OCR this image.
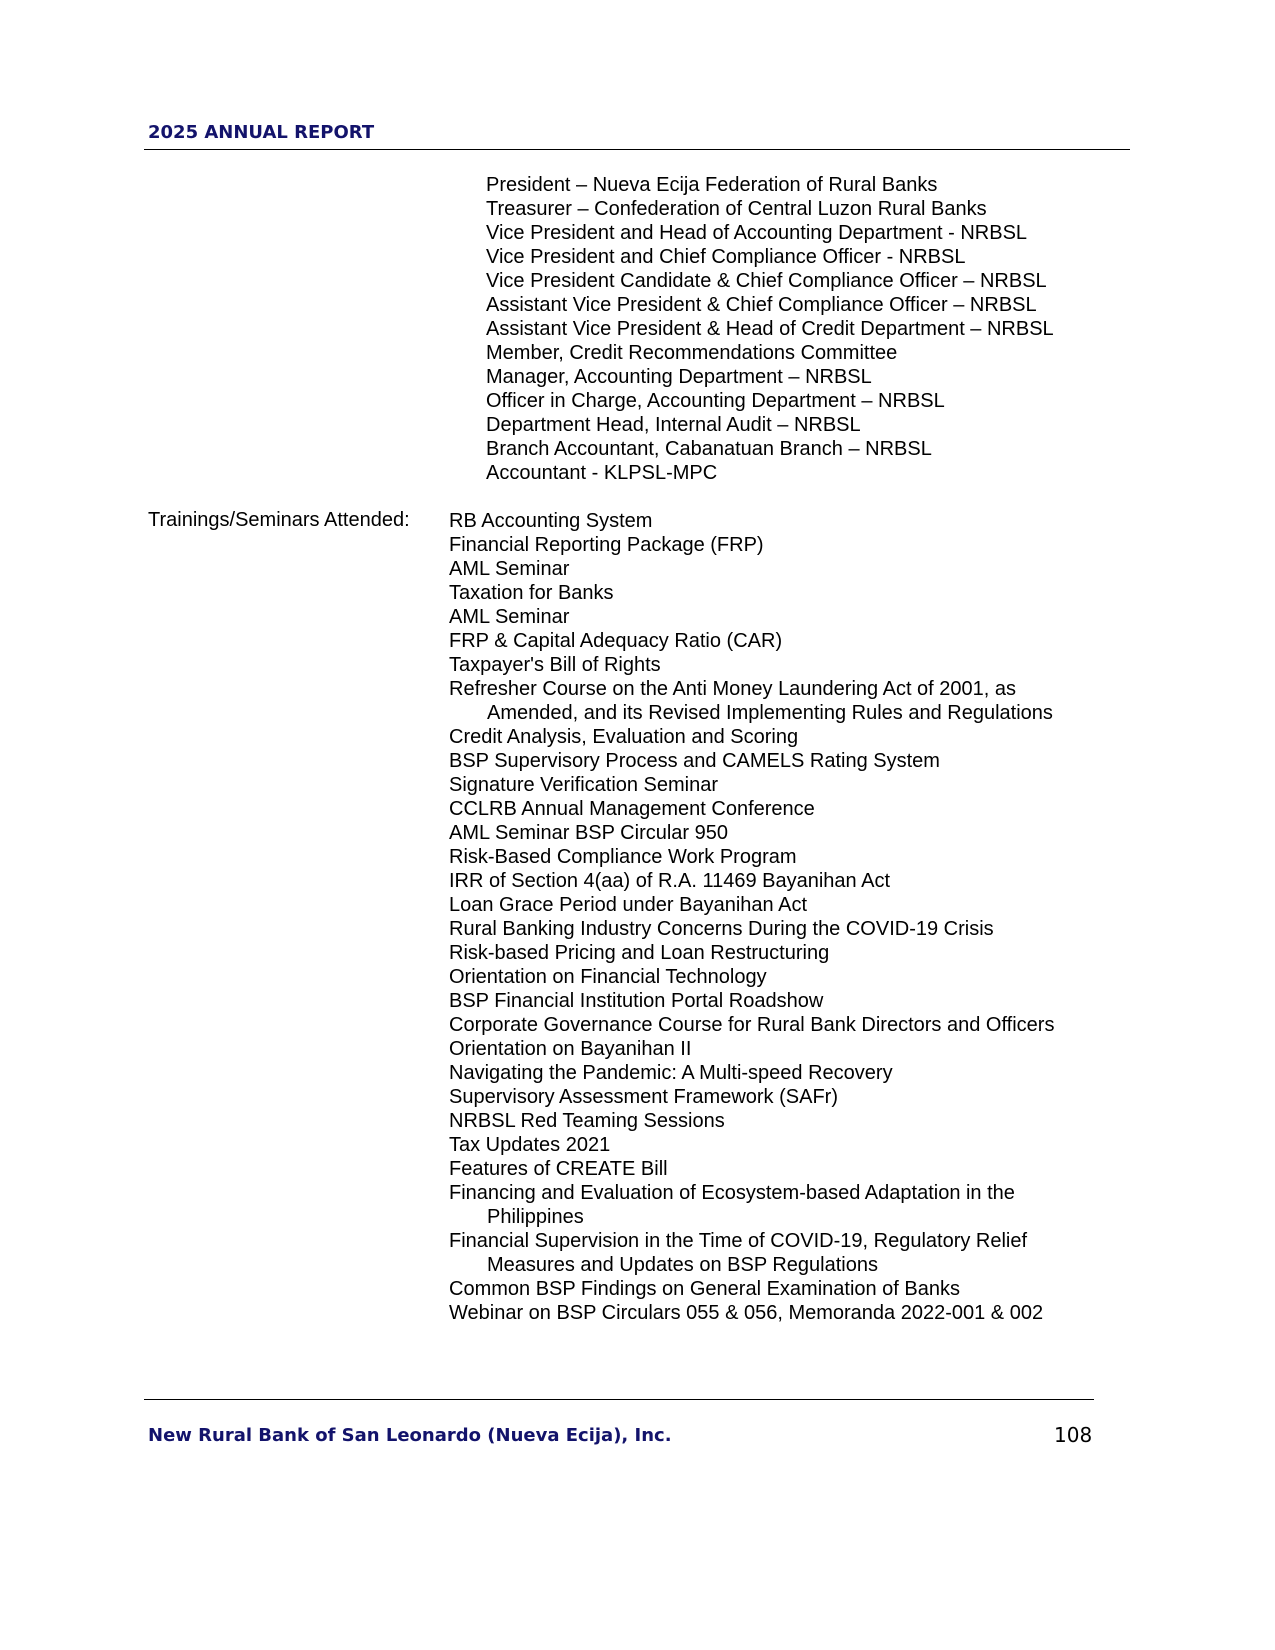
2025 ANNUAL REPORT
President – Nueva Ecija Federation of Rural Banks
Treasurer – Confederation of Central Luzon Rural Banks
Vice President and Head of Accounting Department - NRBSL
Vice President and Chief Compliance Officer - NRBSL
Vice President Candidate & Chief Compliance Officer – NRBSL
Assistant Vice President & Chief Compliance Officer – NRBSL
Assistant Vice President & Head of Credit Department – NRBSL
Member, Credit Recommendations Committee
Manager, Accounting Department – NRBSL
Officer in Charge, Accounting Department – NRBSL
Department Head, Internal Audit – NRBSL
Branch Accountant, Cabanatuan Branch – NRBSL
Accountant - KLPSL-MPC
Trainings/Seminars Attended: RB Accounting System
Financial Reporting Package (FRP)
AML Seminar
Taxation for Banks
AML Seminar
FRP & Capital Adequacy Ratio (CAR)
Taxpayer's Bill of Rights
Refresher Course on the Anti Money Laundering Act of 2001, as Amended, and its Revised Implementing Rules and Regulations
Credit Analysis, Evaluation and Scoring
BSP Supervisory Process and CAMELS Rating System
Signature Verification Seminar
CCLRB Annual Management Conference
AML Seminar BSP Circular 950
Risk-Based Compliance Work Program
IRR of Section 4(aa) of R.A. 11469 Bayanihan Act
Loan Grace Period under Bayanihan Act
Rural Banking Industry Concerns During the COVID-19 Crisis
Risk-based Pricing and Loan Restructuring
Orientation on Financial Technology
BSP Financial Institution Portal Roadshow
Corporate Governance Course for Rural Bank Directors and Officers
Orientation on Bayanihan II
Navigating the Pandemic: A Multi-speed Recovery
Supervisory Assessment Framework (SAFr)
NRBSL Red Teaming Sessions
Tax Updates 2021
Features of CREATE Bill
Financing and Evaluation of Ecosystem-based Adaptation in the Philippines
Financial Supervision in the Time of COVID-19, Regulatory Relief Measures and Updates on BSP Regulations
Common BSP Findings on General Examination of Banks
Webinar on BSP Circulars 055 & 056, Memoranda 2022-001 & 002
New Rural Bank of San Leonardo (Nueva Ecija), Inc.	108
